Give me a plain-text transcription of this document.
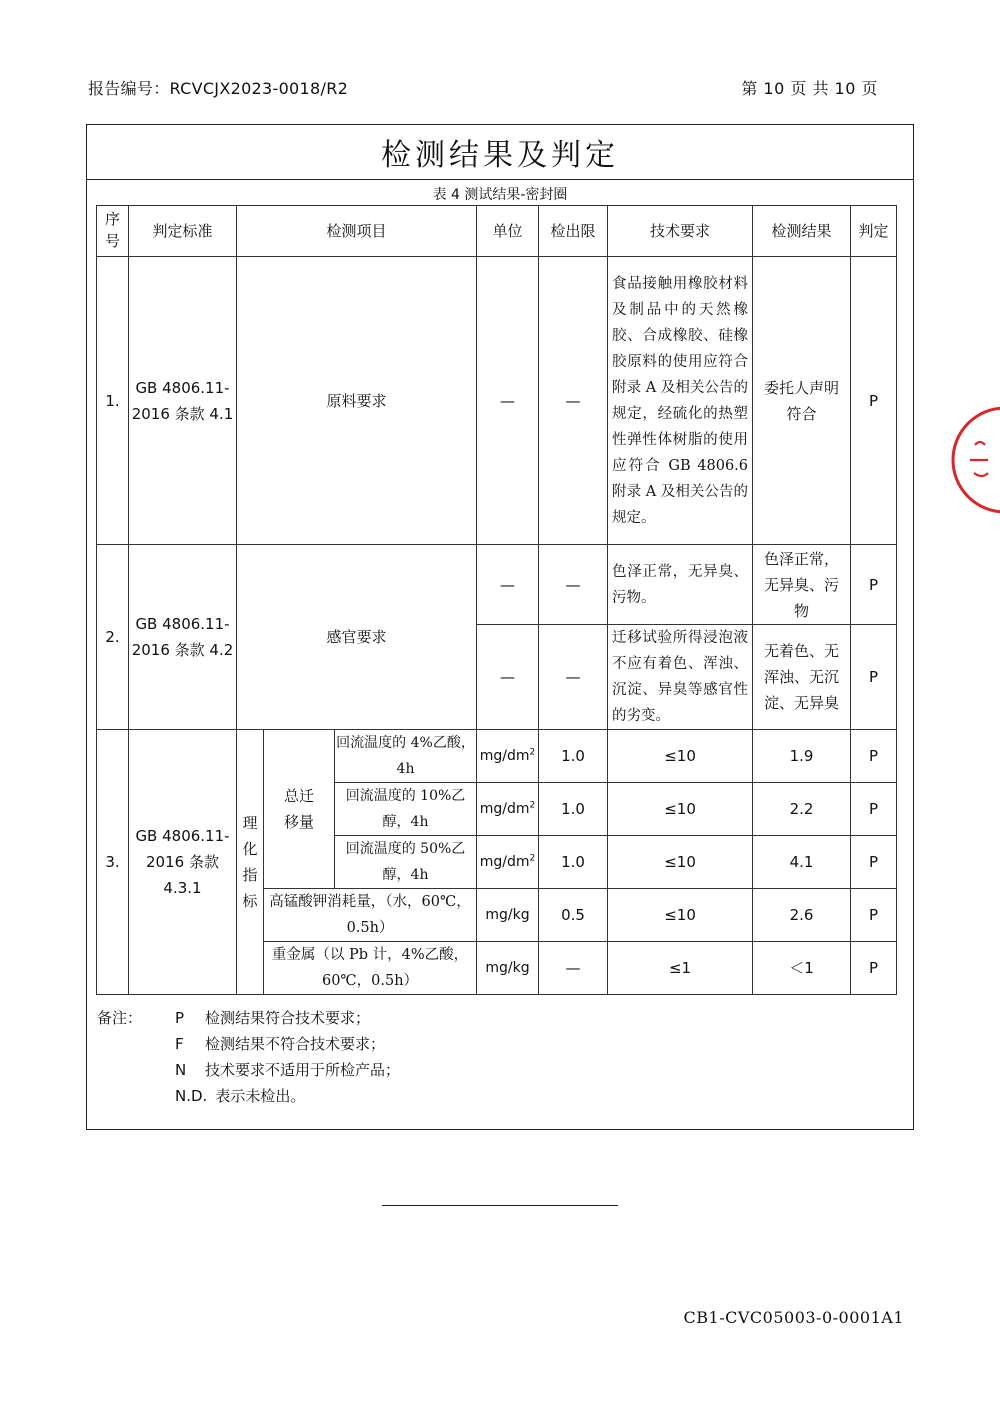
报告编号：RCVCJX2023-0018/R2	第 10 页 共 10 页
检测结果及判定
表 4 测试结果-密封圈
序号	判定标准	检测项目			单位	检出限	技术要求	检测结果	判定
1.	GB 4806.11-2016 条款 4.1	原料要求			—	—	食品接触用橡胶材料及制品中的天然橡胶、合成橡胶、硅橡胶原料的使用应符合附录 A 及相关公告的规定，经硫化的热塑性弹性体树脂的使用应符合 GB 4806.6 附录 A 及相关公告的规定。	委托人声明符合	P
2.	GB 4806.11-2016 条款 4.2	感官要求			—	—	色泽正常，无异臭、污物。	色泽正常，无异臭、污物	P
					—	—	迁移试验所得浸泡液不应有着色、浑浊、沉淀、异臭等感官性的劣变。	无着色、无浑浊、无沉淀、无异臭	P
3.	GB 4806.11-2016 条款 4.3.1	理化指标	总迁移量	回流温度的 4%乙酸，4h	$mg/dm^2$	1.0	≤10	1.9	P
				回流温度的 10%乙醇，4h	$mg/dm^2$	1.0	≤10	2.2	P
				回流温度的 50%乙醇，4h	$mg/dm^2$	1.0	≤10	4.1	P
			高锰酸钾消耗量，（水，60℃，0.5h）		mg/kg	0.5	≤10	2.6	P
			重金属（以 Pb 计，4%乙酸，60℃，0.5h）		mg/kg	—	≤1	＜1	P
备注：	P	检测结果符合技术要求；
F	检测结果不符合技术要求；
N	技术要求不适用于所检产品；
N.D. 表示未检出。
CB1-CVC05003-0-0001A1
